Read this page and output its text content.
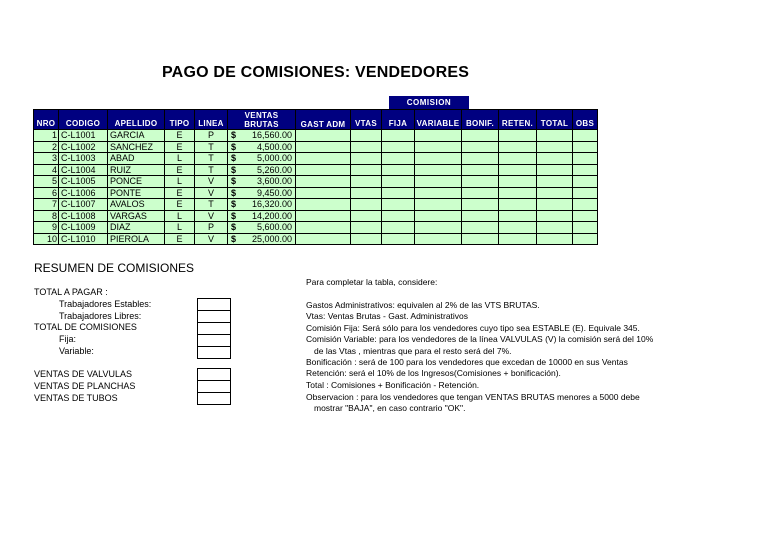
PAGO DE COMISIONES: VENDEDORES
COMISION
NRO	CODIGO	APELLIDO	TIPO	LINEA	VENTAS BRUTAS		GAST ADM	VTAS	FIJA	VARIABLE	BONIF.	RETEN.	TOTAL	OBS
1	C-L1001	GARCIA	E	P	$	16,560.00								
2	C-L1002	SANCHEZ	E	T	$	4,500.00								
3	C-L1003	ABAD	L	T	$	5,000.00								
4	C-L1004	RUIZ	E	T	$	5,260.00								
5	C-L1005	PONCE	L	V	$	3,600.00								
6	C-L1006	PONTE	E	V	$	9,450.00								
7	C-L1007	AVALOS	E	T	$	16,320.00								
8	C-L1008	VARGAS	L	V	$	14,200.00								
9	C-L1009	DIAZ	L	P	$	5,600.00								
10	C-L1010	PIEROLA	E	V	$	25,000.00								
RESUMEN DE COMISIONES
TOTAL A PAGAR :
Trabajadores Estables:
Trabajadores Libres:
TOTAL DE COMISIONES
Fija:
Variable:
VENTAS DE VALVULAS
VENTAS DE PLANCHAS
VENTAS DE TUBOS
Para completar la tabla, considere:
Gastos Administrativos: equivalen al 2% de las VTS BRUTAS.
Vtas: Ventas Brutas - Gast. Administrativos
Comisión Fija: Será sólo para los vendedores cuyo tipo sea ESTABLE (E). Equivale 345.
Comisión Variable: para los vendedores de la línea VALVULAS (V) la comisión será del 10%
de las Vtas , mientras que para el resto será del 7%.
Bonificación : será de 100 para los vendedores que excedan de 10000 en sus Ventas
Retención: será el 10% de los Ingresos(Comisiones + bonificación).
Total : Comisiones + Bonificación - Retención.
Observacion : para los vendedores que tengan VENTAS BRUTAS menores a 5000 debe
mostrar "BAJA", en caso contrario "OK".
